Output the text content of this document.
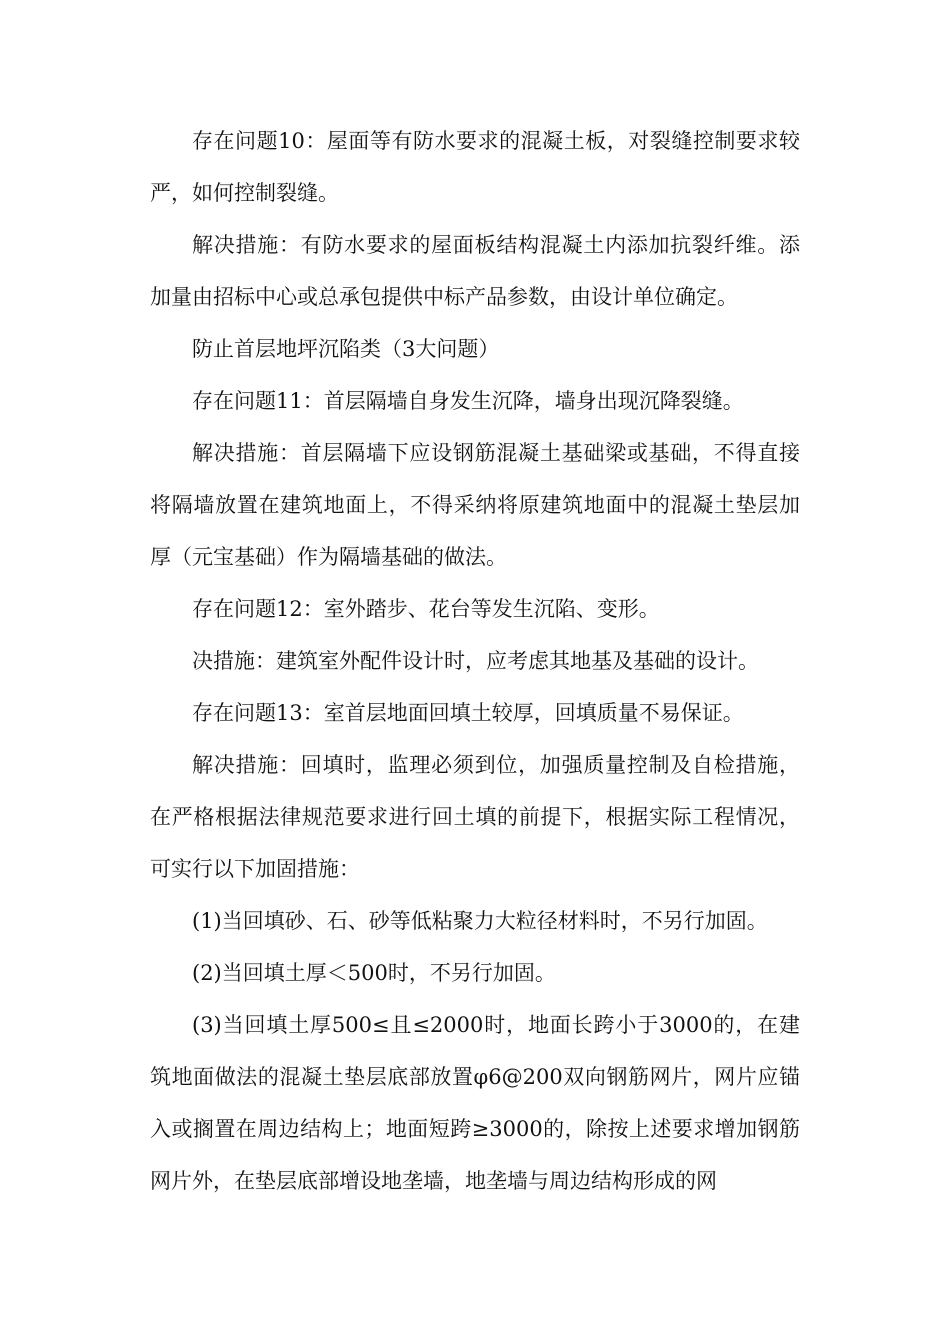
存在问题10：屋面等有防水要求的混凝土板，对裂缝控制要求较严，如何控制裂缝。

解决措施：有防水要求的屋面板结构混凝土内添加抗裂纤维。添加量由招标中心或总承包提供中标产品参数，由设计单位确定。

防止首层地坪沉陷类（3大问题）

存在问题11：首层隔墙自身发生沉降，墙身出现沉降裂缝。

解决措施：首层隔墙下应设钢筋混凝土基础梁或基础，不得直接将隔墙放置在建筑地面上，不得采纳将原建筑地面中的混凝土垫层加厚（元宝基础）作为隔墙基础的做法。

存在问题12：室外踏步、花台等发生沉陷、变形。

决措施：建筑室外配件设计时，应考虑其地基及基础的设计。

存在问题13：室首层地面回填土较厚，回填质量不易保证。

解决措施：回填时，监理必须到位，加强质量控制及自检措施，在严格根据法律规范要求进行回土填的前提下，根据实际工程情况，可实行以下加固措施：

(1)当回填砂、石、砂等低粘聚力大粒径材料时，不另行加固。

(2)当回填土厚＜500时，不另行加固。

(3)当回填土厚500≤且≤2000时，地面长跨小于3000的，在建筑地面做法的混凝土垫层底部放置φ6@200双向钢筋网片，网片应锚入或搁置在周边结构上；地面短跨≥3000的，除按上述要求增加钢筋网片外，在垫层底部增设地垄墙，地垄墙与周边结构形成的网
